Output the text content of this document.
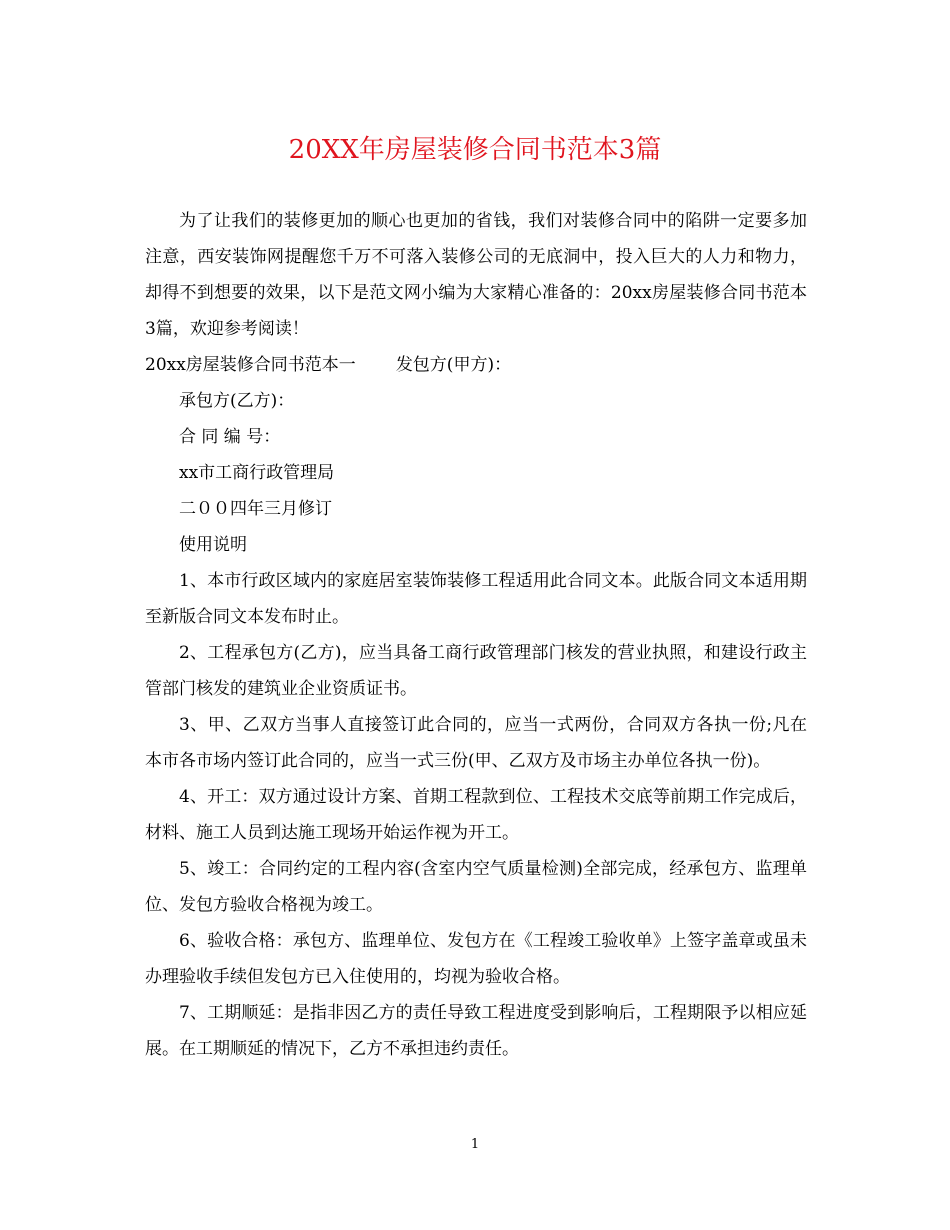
20XX年房屋装修合同书范本3篇

为了让我们的装修更加的顺心也更加的省钱，我们对装修合同中的陷阱一定要多加注意，西安装饰网提醒您千万不可落入装修公司的无底洞中，投入巨大的人力和物力，却得不到想要的效果，以下是范文网小编为大家精心准备的：20xx房屋装修合同书范本3篇，欢迎参考阅读！

20xx房屋装修合同书范本一 发包方(甲方)：

承包方(乙方)：

合 同 编 号：

xx市工商行政管理局

二００四年三月修订

使用说明

1、本市行政区域内的家庭居室装饰装修工程适用此合同文本。此版合同文本适用期至新版合同文本发布时止。

2、工程承包方(乙方)，应当具备工商行政管理部门核发的营业执照，和建设行政主管部门核发的建筑业企业资质证书。

3、甲、乙双方当事人直接签订此合同的，应当一式两份，合同双方各执一份;凡在本市各市场内签订此合同的，应当一式三份(甲、乙双方及市场主办单位各执一份)。

4、开工：双方通过设计方案、首期工程款到位、工程技术交底等前期工作完成后，材料、施工人员到达施工现场开始运作视为开工。

5、竣工：合同约定的工程内容(含室内空气质量检测)全部完成，经承包方、监理单位、发包方验收合格视为竣工。

6、验收合格：承包方、监理单位、发包方在《工程竣工验收单》上签字盖章或虽未办理验收手续但发包方已入住使用的，均视为验收合格。

7、工期顺延：是指非因乙方的责任导致工程进度受到影响后，工程期限予以相应延展。在工期顺延的情况下，乙方不承担违约责任。

1
